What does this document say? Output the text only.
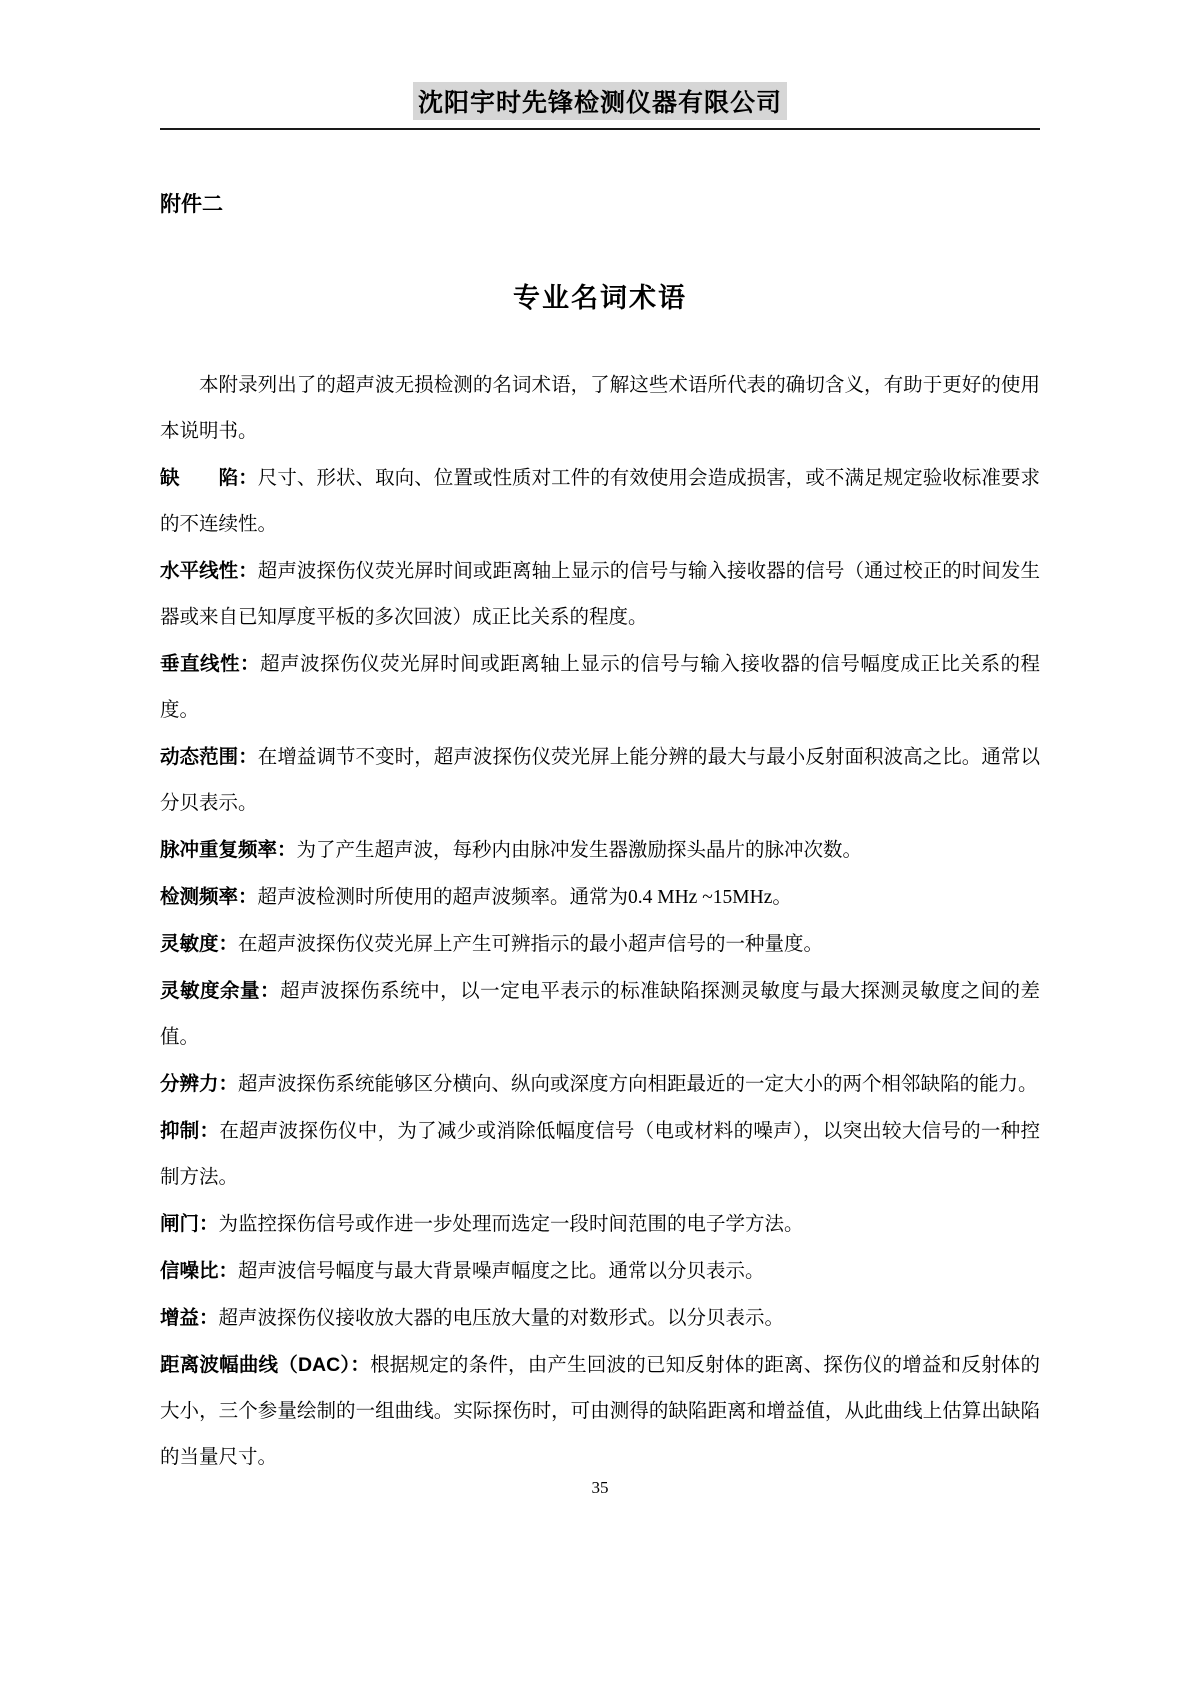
沈阳宇时先锋检测仪器有限公司
附件二
专业名词术语

本附录列出了的超声波无损检测的名词术语，了解这些术语所代表的确切含义，有助于更好的使用本说明书。

缺　　陷：尺寸、形状、取向、位置或性质对工件的有效使用会造成损害，或不满足规定验收标准要求的不连续性。

水平线性：超声波探伤仪荧光屏时间或距离轴上显示的信号与输入接收器的信号（通过校正的时间发生器或来自已知厚度平板的多次回波）成正比关系的程度。

垂直线性：超声波探伤仪荧光屏时间或距离轴上显示的信号与输入接收器的信号幅度成正比关系的程度。

动态范围：在增益调节不变时，超声波探伤仪荧光屏上能分辨的最大与最小反射面积波高之比。通常以分贝表示。

脉冲重复频率：为了产生超声波，每秒内由脉冲发生器激励探头晶片的脉冲次数。

检测频率：超声波检测时所使用的超声波频率。通常为0.4 MHz ~15MHz。

灵敏度：在超声波探伤仪荧光屏上产生可辨指示的最小超声信号的一种量度。

灵敏度余量：超声波探伤系统中，以一定电平表示的标准缺陷探测灵敏度与最大探测灵敏度之间的差值。

分辨力：超声波探伤系统能够区分横向、纵向或深度方向相距最近的一定大小的两个相邻缺陷的能力。

抑制：在超声波探伤仪中，为了减少或消除低幅度信号（电或材料的噪声），以突出较大信号的一种控制方法。

闸门：为监控探伤信号或作进一步处理而选定一段时间范围的电子学方法。

信噪比：超声波信号幅度与最大背景噪声幅度之比。通常以分贝表示。

增益：超声波探伤仪接收放大器的电压放大量的对数形式。以分贝表示。

距离波幅曲线（DAC）：根据规定的条件，由产生回波的已知反射体的距离、探伤仪的增益和反射体的大小，三个参量绘制的一组曲线。实际探伤时，可由测得的缺陷距离和增益值，从此曲线上估算出缺陷的当量尺寸。

35
